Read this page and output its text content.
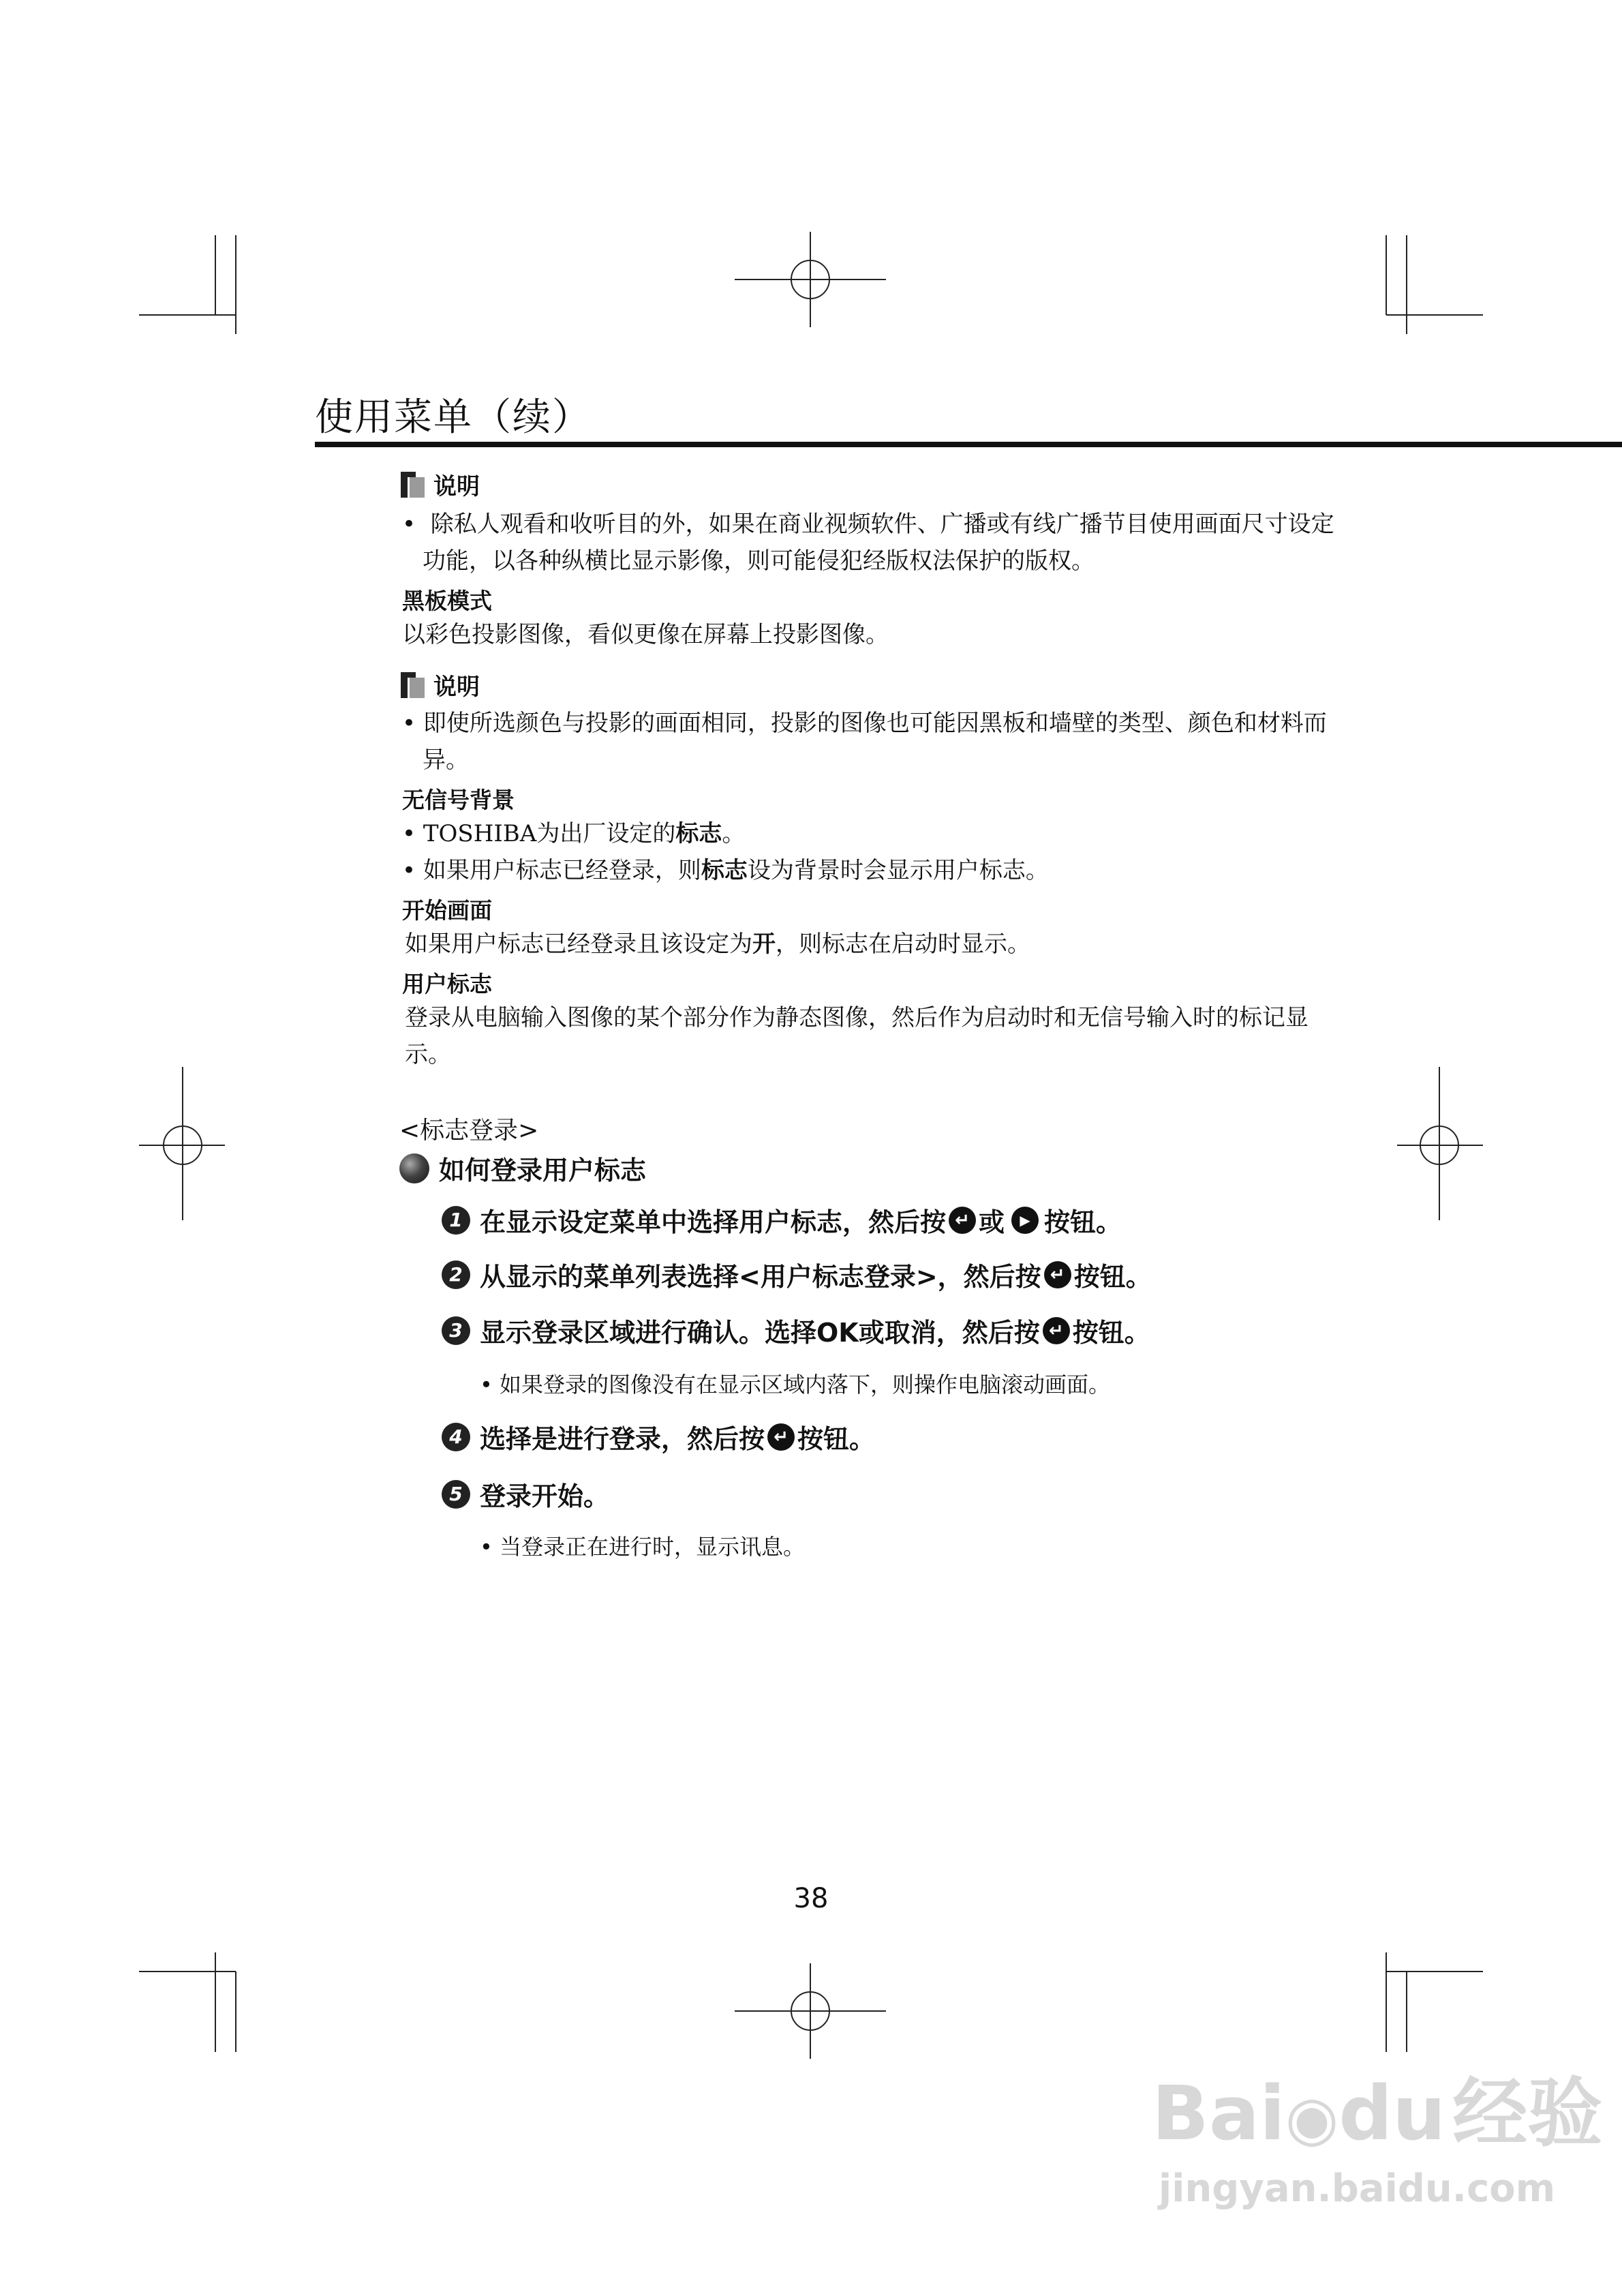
使用菜单（续）
说明
• 除私人观看和收听目的外，如果在商业视频软件、广播或有线广播节目使用画面尺寸设定功能，以各种纵横比显示影像，则可能侵犯经版权法保护的版权。
黑板模式
以彩色投影图像，看似更像在屏幕上投影图像。
说明
• 即使所选颜色与投影的画面相同，投影的图像也可能因黑板和墙壁的类型、颜色和材料而异。
无信号背景
• TOSHIBA为出厂设定的标志。
• 如果用户标志已经登录，则标志设为背景时会显示用户标志。
开始画面
如果用户标志已经登录且该设定为开，则标志在启动时显示。
用户标志
登录从电脑输入图像的某个部分作为静态图像，然后作为启动时和无信号输入时的标记显示。
<标志登录>
如何登录用户标志
1 在显示设定菜单中选择用户标志，然后按 ↵ 或	▶ 按钮。
2 从显示的菜单列表选择<用户标志登录>，然后按 ↵ 按钮。
3 显示登录区域进行确认。选择OK或取消，然后按 ↵ 按钮。
• 如果登录的图像没有在显示区域内落下，则操作电脑滚动画面。
4 选择是进行登录，然后按 ↵ 按钮。
5 登录开始。
• 当登录正在进行时，显示讯息。
38
Bai◉du经验
jingyan.baidu.com
